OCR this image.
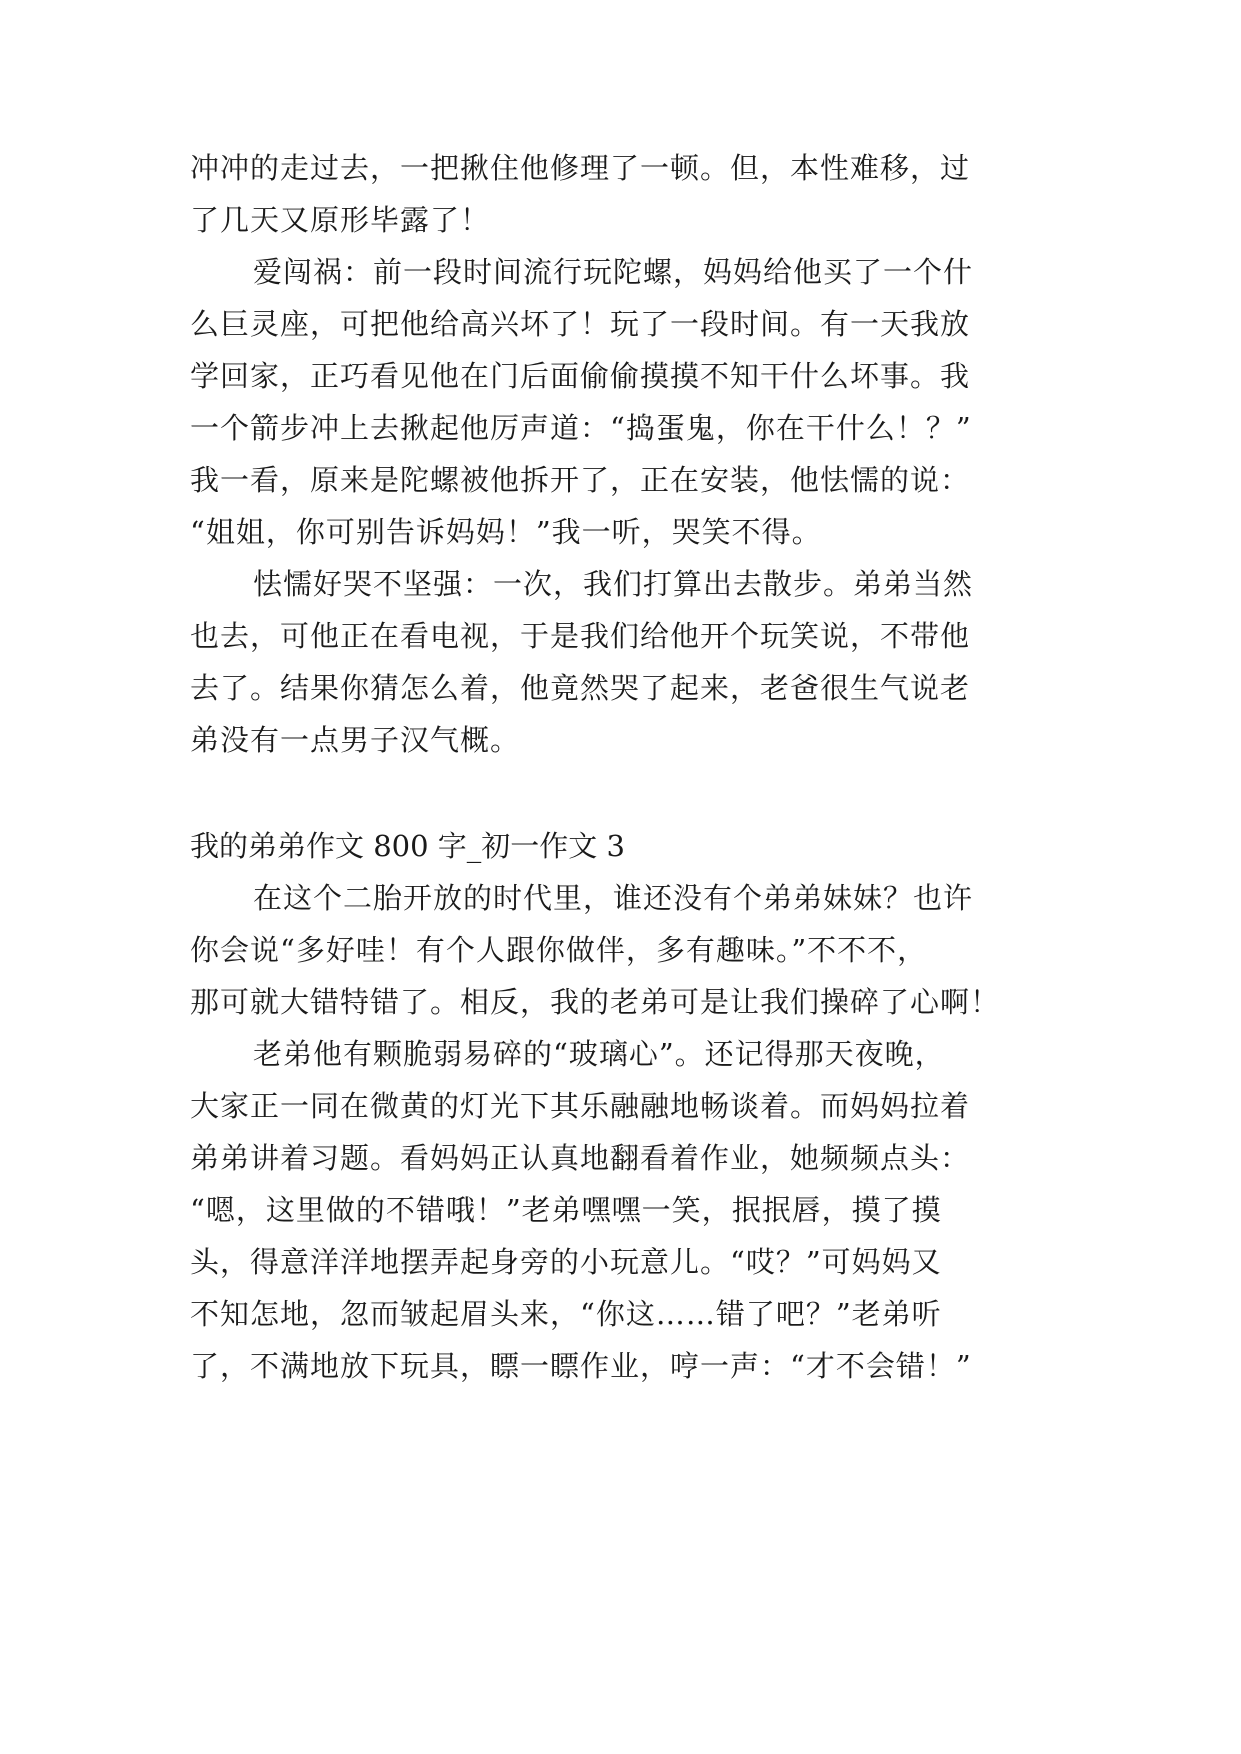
冲冲的走过去，一把揪住他修理了一顿。但，本性难移，过
了几天又原形毕露了！
爱闯祸：前一段时间流行玩陀螺，妈妈给他买了一个什
么巨灵座，可把他给高兴坏了！玩了一段时间。有一天我放
学回家，正巧看见他在门后面偷偷摸摸不知干什么坏事。我
一个箭步冲上去揪起他厉声道：“捣蛋鬼，你在干什么！？”
我一看，原来是陀螺被他拆开了，正在安装，他怯懦的说：
“姐姐，你可别告诉妈妈！”我一听，哭笑不得。
怯懦好哭不坚强：一次，我们打算出去散步。弟弟当然
也去，可他正在看电视，于是我们给他开个玩笑说，不带他
去了。结果你猜怎么着，他竟然哭了起来，老爸很生气说老
弟没有一点男子汉气概。
我的弟弟作文 800 字_初一作文 3
在这个二胎开放的时代里，谁还没有个弟弟妹妹？也许
你会说“多好哇！有个人跟你做伴，多有趣味。”不不不，
那可就大错特错了。相反，我的老弟可是让我们操碎了心啊！
老弟他有颗脆弱易碎的“玻璃心”。还记得那天夜晚，
大家正一同在微黄的灯光下其乐融融地畅谈着。而妈妈拉着
弟弟讲着习题。看妈妈正认真地翻看着作业，她频频点头：
“嗯，这里做的不错哦！”老弟嘿嘿一笑，抿抿唇，摸了摸
头，得意洋洋地摆弄起身旁的小玩意儿。“哎？”可妈妈又
不知怎地，忽而皱起眉头来，“你这……错了吧？”老弟听
了，不满地放下玩具，瞟一瞟作业，哼一声：“才不会错！”
